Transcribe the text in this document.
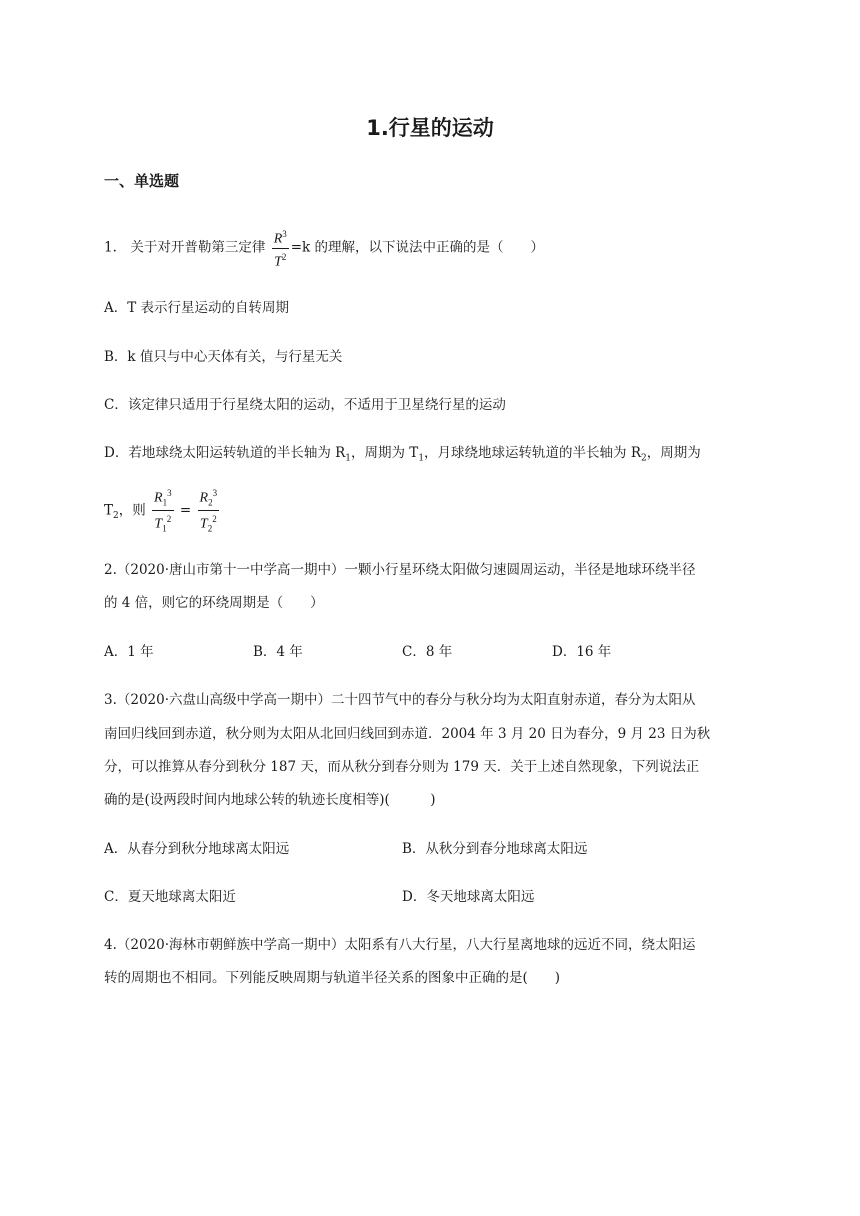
1.行星的运动
一、单选题
1.　关于对开普勒第三定律 $\frac{R^3}{T^2} =k$ 的理解，以下说法中正确的是（　　）
A．T 表示行星运动的自转周期
B．k 值只与中心天体有关，与行星无关
C．该定律只适用于行星绕太阳的运动，不适用于卫星绕行星的运动
D．若地球绕太阳运转轨道的半长轴为 $R_1$，周期为 $T_1$，月球绕地球运转轨道的半长轴为 $R_2$，周期为
$T_2$，则 $\frac{R_1^3}{T_1^2} = \frac{R_2^3}{T_2^2}$
2.（2020·唐山市第十一中学高一期中）一颗小行星环绕太阳做匀速圆周运动，半径是地球环绕半径
的 4 倍，则它的环绕周期是（　　）
A．1 年	B．4 年	C．8 年	D．16 年
3.（2020·六盘山高级中学高一期中）二十四节气中的春分与秋分均为太阳直射赤道，春分为太阳从
南回归线回到赤道，秋分则为太阳从北回归线回到赤道．2004 年 3 月 20 日为春分，9 月 23 日为秋
分，可以推算从春分到秋分 187 天，而从秋分到春分则为 179 天．关于上述自然现象，下列说法正
确的是(设两段时间内地球公转的轨迹长度相等)(　　　)
A．从春分到秋分地球离太阳远	B．从秋分到春分地球离太阳远
C．夏天地球离太阳近	D．冬天地球离太阳远
4.（2020·海林市朝鲜族中学高一期中）太阳系有八大行星，八大行星离地球的远近不同，绕太阳运
转的周期也不相同。下列能反映周期与轨道半径关系的图象中正确的是(　　)
